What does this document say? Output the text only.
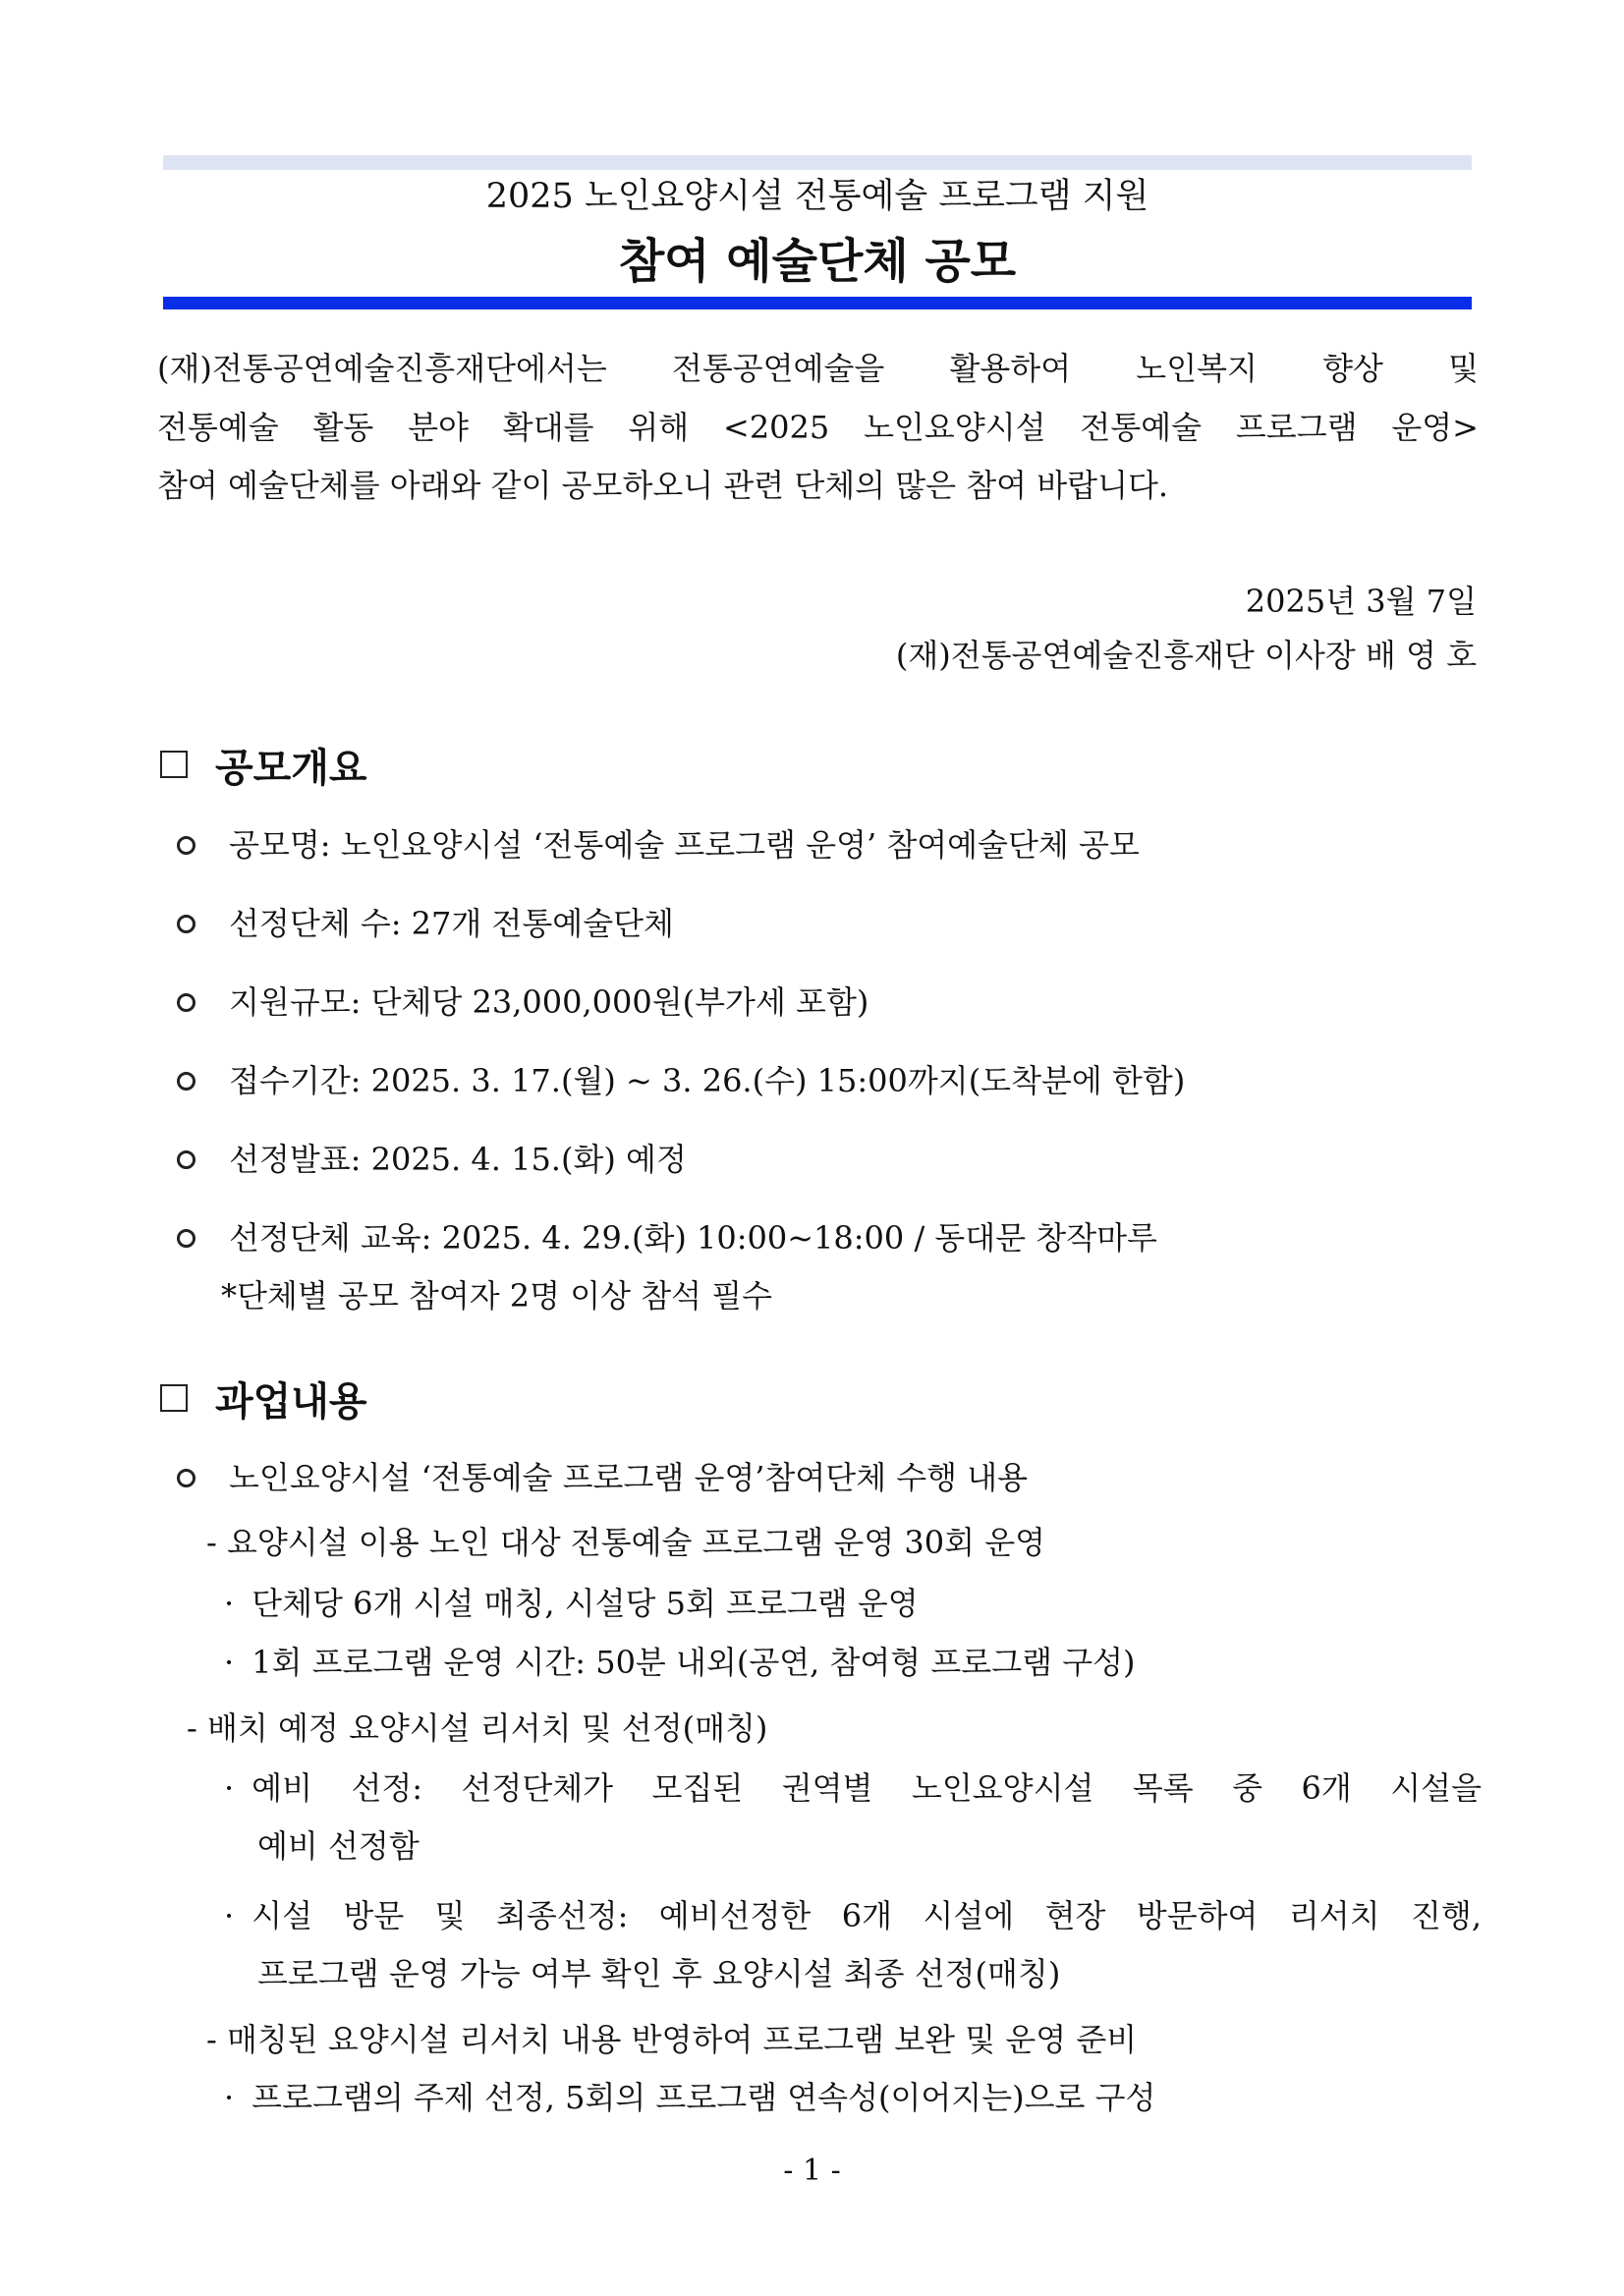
2025 노인요양시설 전통예술 프로그램 지원
참여 예술단체 공모
(재)전통공연예술진흥재단에서는 전통공연예술을 활용하여 노인복지 향상 및
전통예술 활동 분야 확대를 위해 <2025 노인요양시설 전통예술 프로그램 운영>
참여 예술단체를 아래와 같이 공모하오니 관련 단체의 많은 참여 바랍니다.
2025년 3월 7일
(재)전통공연예술진흥재단 이사장 배 영 호
공모개요
공모명: 노인요양시설 ‘전통예술 프로그램 운영’ 참여예술단체 공모
선정단체 수: 27개 전통예술단체
지원규모: 단체당 23,000,000원(부가세 포함)
접수기간: 2025. 3. 17.(월) ~ 3. 26.(수) 15:00까지(도착분에 한함)
선정발표: 2025. 4. 15.(화) 예정
선정단체 교육: 2025. 4. 29.(화) 10:00~18:00 / 동대문 창작마루
*단체별 공모 참여자 2명 이상 참석 필수
과업내용
노인요양시설 ‘전통예술 프로그램 운영’참여단체 수행 내용
- 요양시설 이용 노인 대상 전통예술 프로그램 운영 30회 운영
· 단체당 6개 시설 매칭, 시설당 5회 프로그램 운영
· 1회 프로그램 운영 시간: 50분 내외(공연, 참여형 프로그램 구성)
- 배치 예정 요양시설 리서치 및 선정(매칭)
· 예비 선정: 선정단체가 모집된 권역별 노인요양시설 목록 중 6개 시설을
예비 선정함
· 시설 방문 및 최종선정: 예비선정한 6개 시설에 현장 방문하여 리서치 진행,
프로그램 운영 가능 여부 확인 후 요양시설 최종 선정(매칭)
- 매칭된 요양시설 리서치 내용 반영하여 프로그램 보완 및 운영 준비
· 프로그램의 주제 선정, 5회의 프로그램 연속성(이어지는)으로 구성
- 1 -
